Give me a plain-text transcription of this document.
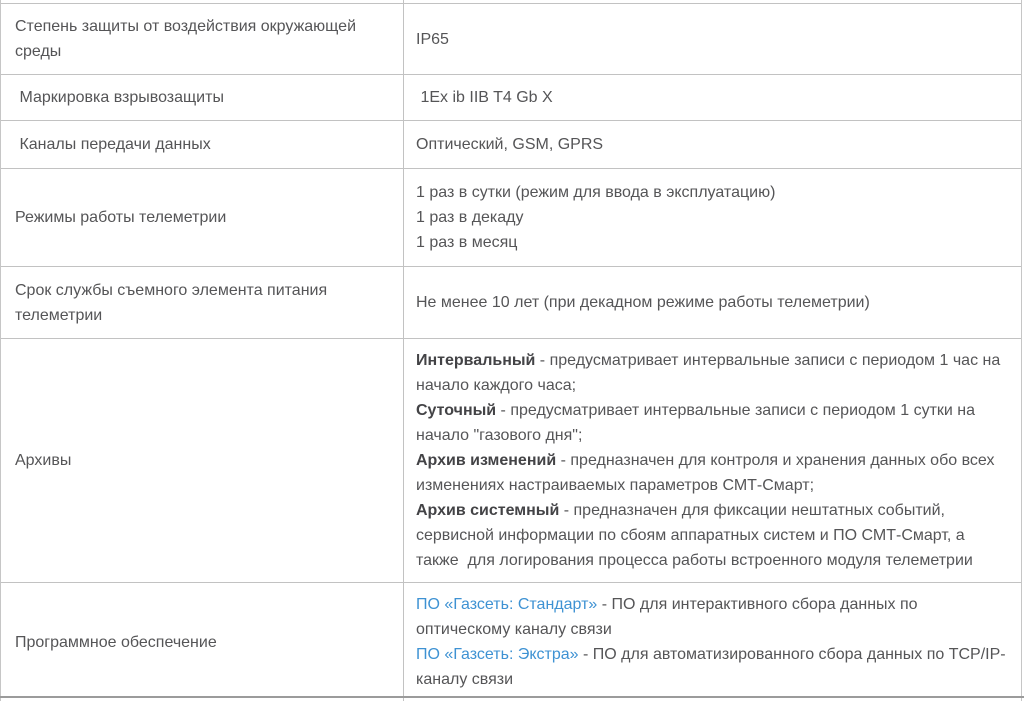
Степень защиты от воздействия окружающей среды
IP65
Маркировка взрывозащиты	1Ex ib IIB T4 Gb X
Каналы передачи данных	Оптический, GSM, GPRS
Режимы работы телеметрии

1 раз в сутки (режим для ввода в эксплуатацию)

1 раз в декаду

1 раз в месяц

Срок службы съемного элемента питания телеметрии
Не менее 10 лет (при декадном режиме работы телеметрии)
Архивы

Интервальный - предусматривает интервальные записи с периодом 1 час на начало каждого часа;

Суточный - предусматривает интервальные записи с периодом 1 сутки на начало "газового дня";

Архив изменений - предназначен для контроля и хранения данных обо всех изменениях настраиваемых параметров СМТ-Смарт;

Архив системный - предназначен для фиксации нештатных событий, сервисной информации по сбоям аппаратных систем и ПО СМТ-Смарт, а также  для логирования процесса работы встроенного модуля телеметрии

Программное обеспечение

ПО «Газсеть: Стандарт» - ПО для интерактивного сбора данных по оптическому каналу связи

ПО «Газсеть: Экстра» - ПО для автоматизированного сбора данных по TCP/IP-каналу связи
